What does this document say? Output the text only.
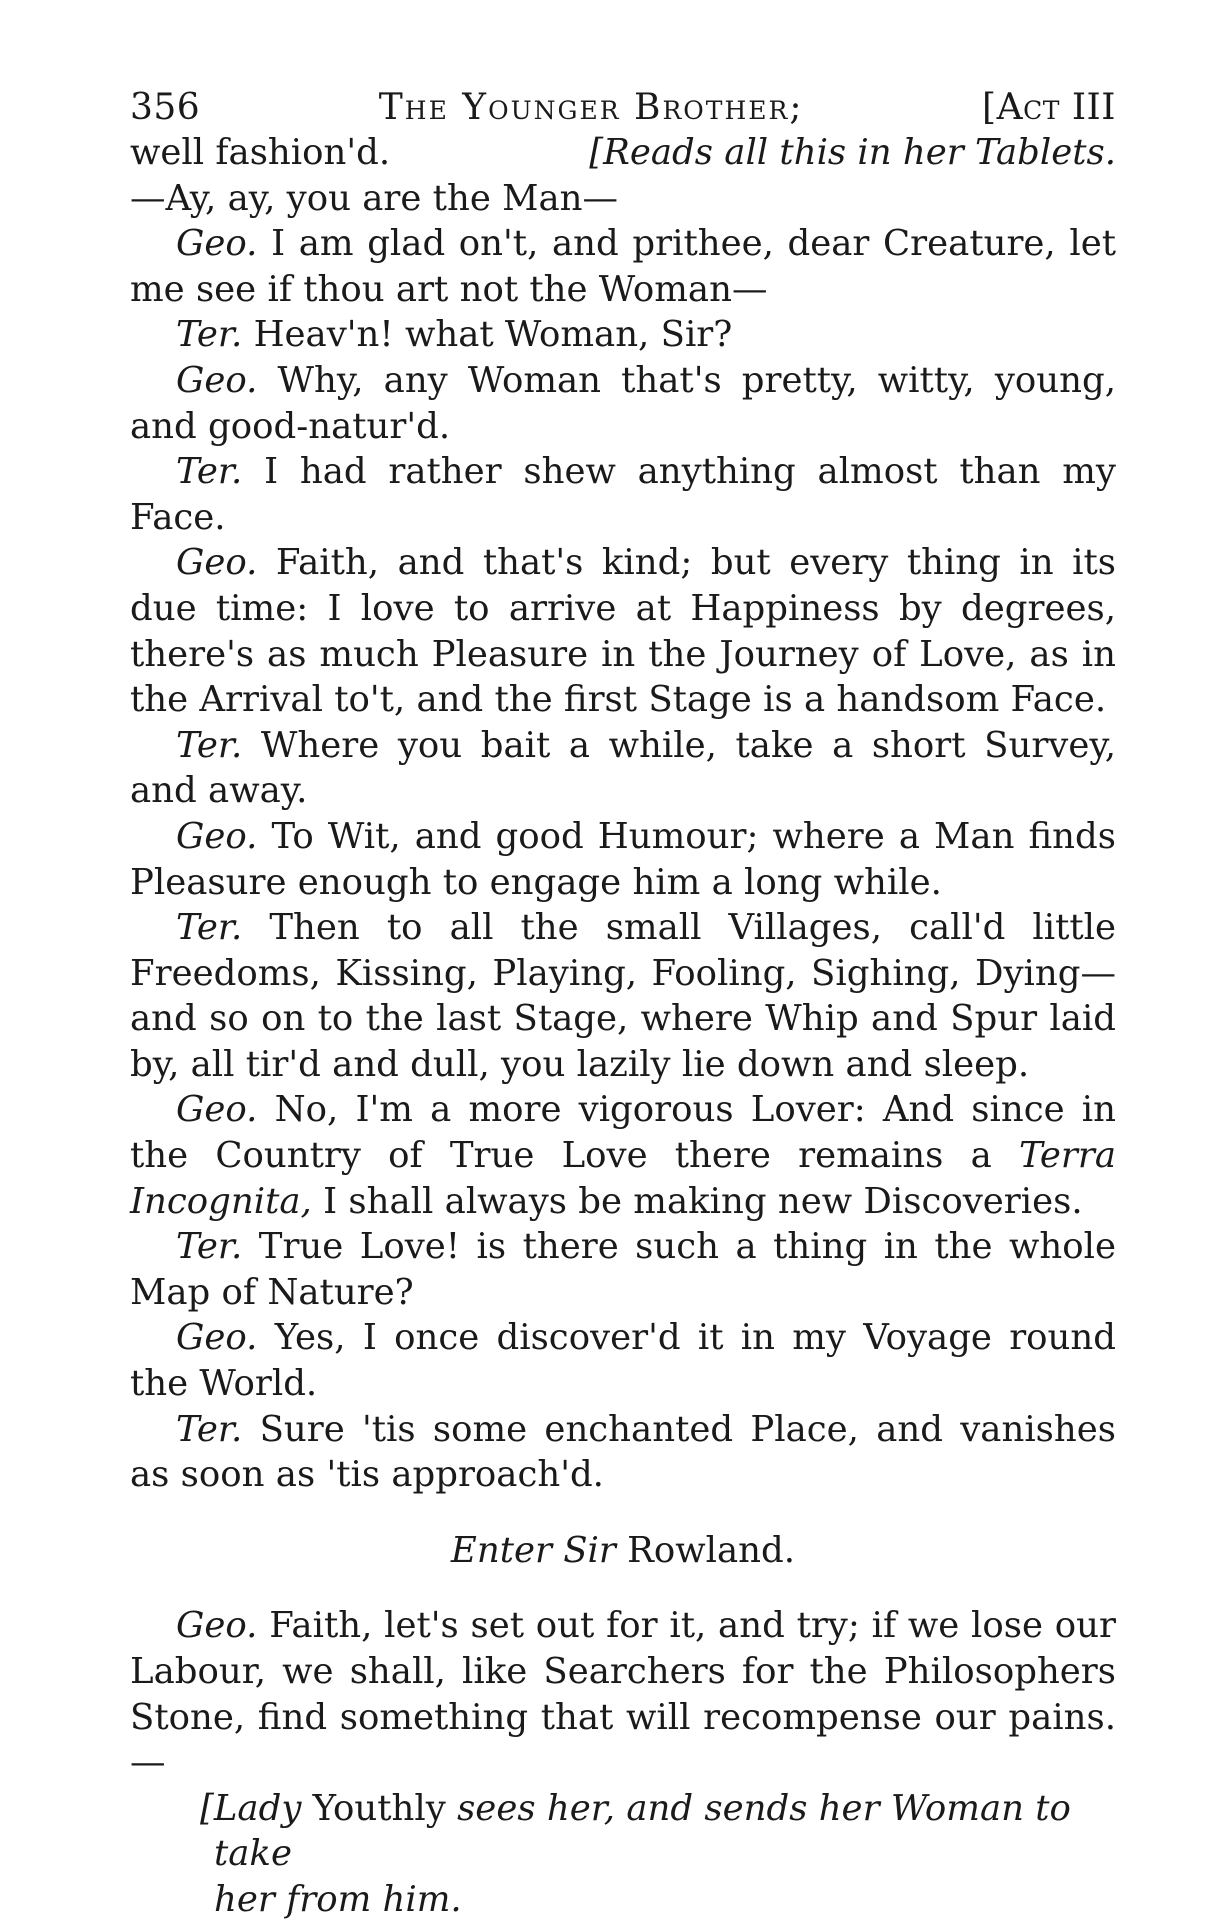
356	The Younger Brother;	[Act III

well fashion'd.	[Reads all this in her Tablets.

—Ay, ay, you are the Man—

Geo. I am glad on't, and prithee, dear Creature, let me see if thou art not the Woman—

Ter. Heav'n! what Woman, Sir?

Geo. Why, any Woman that's pretty, witty, young, and good-natur'd.

Ter. I had rather shew anything almost than my Face.

Geo. Faith, and that's kind; but every thing in its due time: I love to arrive at Happiness by degrees, there's as much Pleasure in the Journey of Love, as in the Arrival to't, and the first Stage is a handsom Face.

Ter. Where you bait a while, take a short Survey, and away.

Geo. To Wit, and good Humour; where a Man finds Pleasure enough to engage him a long while.

Ter. Then to all the small Villages, call'd little Freedoms, Kissing, Playing, Fooling, Sighing, Dying—and so on to the last Stage, where Whip and Spur laid by, all tir'd and dull, you lazily lie down and sleep.

Geo. No, I'm a more vigorous Lover: And since in the Country of True Love there remains a Terra Incognita, I shall always be making new Discoveries.

Ter. True Love! is there such a thing in the whole Map of Nature?

Geo. Yes, I once discover'd it in my Voyage round the World.

Ter. Sure 'tis some enchanted Place, and vanishes as soon as 'tis approach'd.

Enter Sir Rowland.

Geo. Faith, let's set out for it, and try; if we lose our Labour, we shall, like Searchers for the Philosophers Stone, find something that will recompense our pains.—

[Lady Youthly sees her, and sends her Woman to take
her from him.
